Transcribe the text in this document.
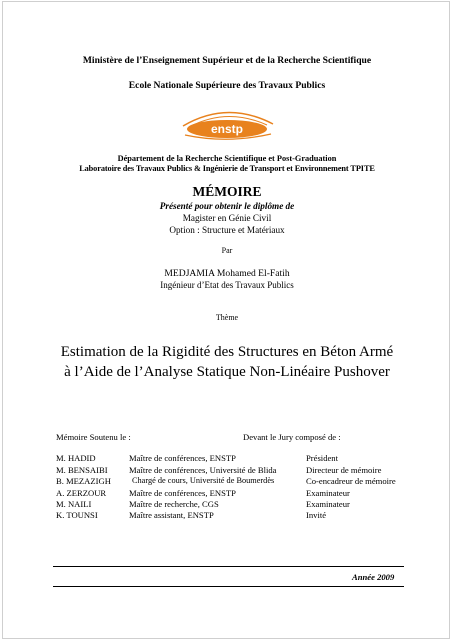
Ministère de l’Enseignement Supérieur et de la Recherche Scientifique
Ecole Nationale Supérieure des Travaux Publics
enstp
Département de la Recherche Scientifique et Post-Graduation
Laboratoire des Travaux Publics & Ingénierie de Transport et Environnement TPITE
MÉMOIRE
Présenté pour obtenir le diplôme de
Magister en Génie Civil
Option : Structure et Matériaux
Par
MEDJAMIA Mohamed El-Fatih
Ingénieur d’Etat des Travaux Publics
Thème
Estimation de la Rigidité des Structures en Béton Armé
à l’Aide de l’Analyse Statique Non-Linéaire Pushover
Mémoire Soutenu le :	Devant le Jury composé de :
M. HADID	Maître de conférences, ENSTP	Président
M. BENSAIBI Maître de conférences, Université de Blida	Directeur de mémoire
B. MEZAZIGH	Chargé de cours, Université de Boumerdès	Co-encadreur de mémoire
A. ZERZOUR	Maître de conférences, ENSTP	Examinateur
M. NAILI	Maître de recherche, CGS	Examinateur
K. TOUNSI	Maître assistant, ENSTP	Invité
Année 2009
